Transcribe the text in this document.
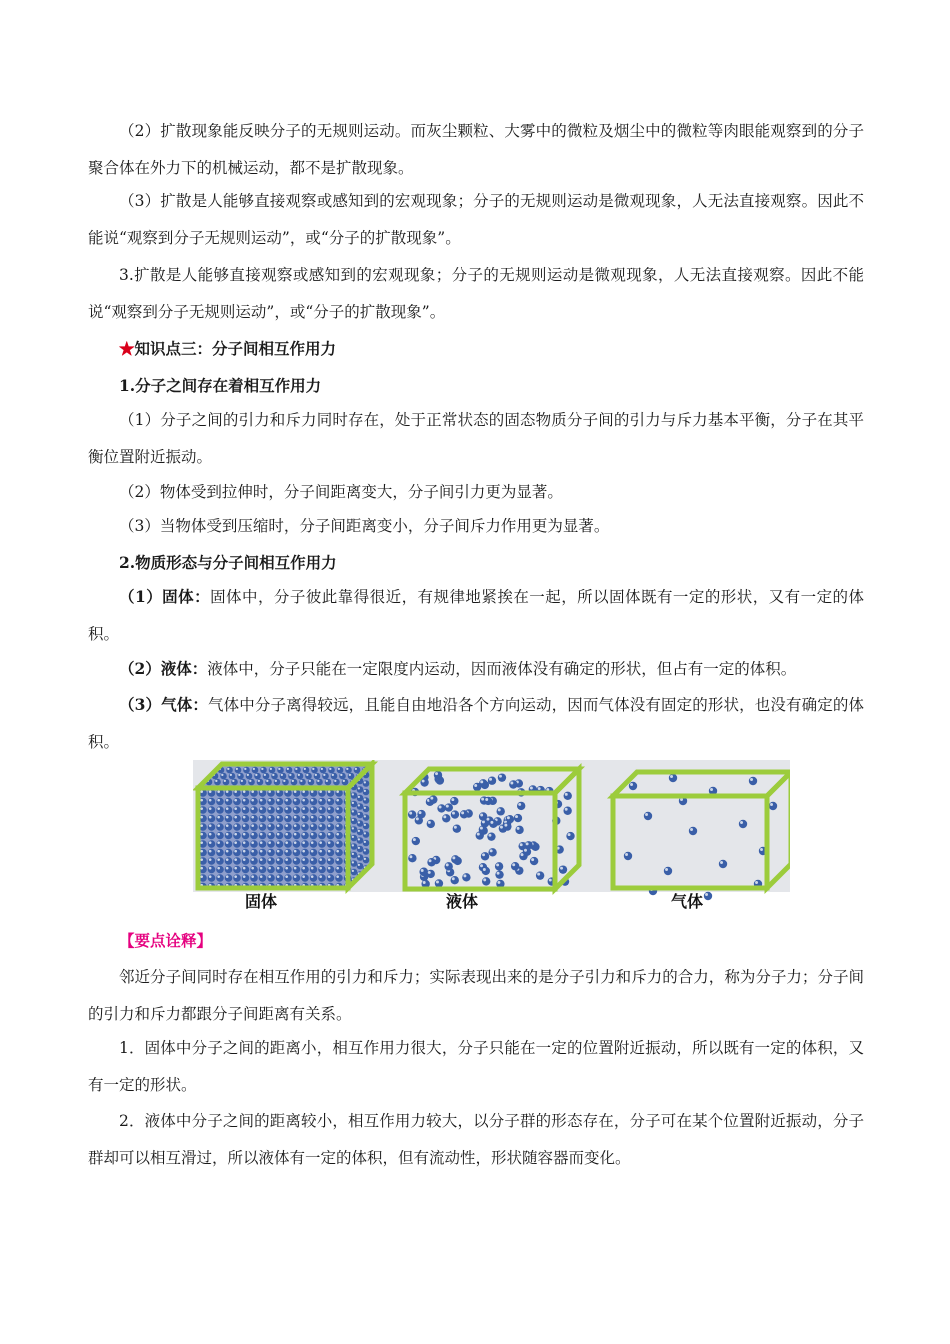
（2）扩散现象能反映分子的无规则运动。而灰尘颗粒、大雾中的微粒及烟尘中的微粒等肉眼能观察到的分子聚合体在外力下的机械运动，都不是扩散现象。

（3）扩散是人能够直接观察或感知到的宏观现象；分子的无规则运动是微观现象，人无法直接观察。因此不能说“观察到分子无规则运动”，或“分子的扩散现象”。

3.扩散是人能够直接观察或感知到的宏观现象；分子的无规则运动是微观现象，人无法直接观察。因此不能说“观察到分子无规则运动”，或“分子的扩散现象”。

★知识点三：分子间相互作用力

1.分子之间存在着相互作用力

（1）分子之间的引力和斥力同时存在，处于正常状态的固态物质分子间的引力与斥力基本平衡，分子在其平衡位置附近振动。

（2）物体受到拉伸时，分子间距离变大，分子间引力更为显著。

（3）当物体受到压缩时，分子间距离变小，分子间斥力作用更为显著。

2.物质形态与分子间相互作用力

（1）固体：固体中，分子彼此靠得很近，有规律地紧挨在一起，所以固体既有一定的形状，又有一定的体积。

（2）液体：液体中，分子只能在一定限度内运动，因而液体没有确定的形状，但占有一定的体积。

（3）气体：气体中分子离得较远，且能自由地沿各个方向运动，因而气体没有固定的形状，也没有确定的体积。

固体	液体	气体

【要点诠释】

邻近分子间同时存在相互作用的引力和斥力；实际表现出来的是分子引力和斥力的合力，称为分子力；分子间的引力和斥力都跟分子间距离有关系。

1．固体中分子之间的距离小，相互作用力很大，分子只能在一定的位置附近振动，所以既有一定的体积，又有一定的形状。

2．液体中分子之间的距离较小，相互作用力较大，以分子群的形态存在，分子可在某个位置附近振动，分子群却可以相互滑过，所以液体有一定的体积，但有流动性，形状随容器而变化。
